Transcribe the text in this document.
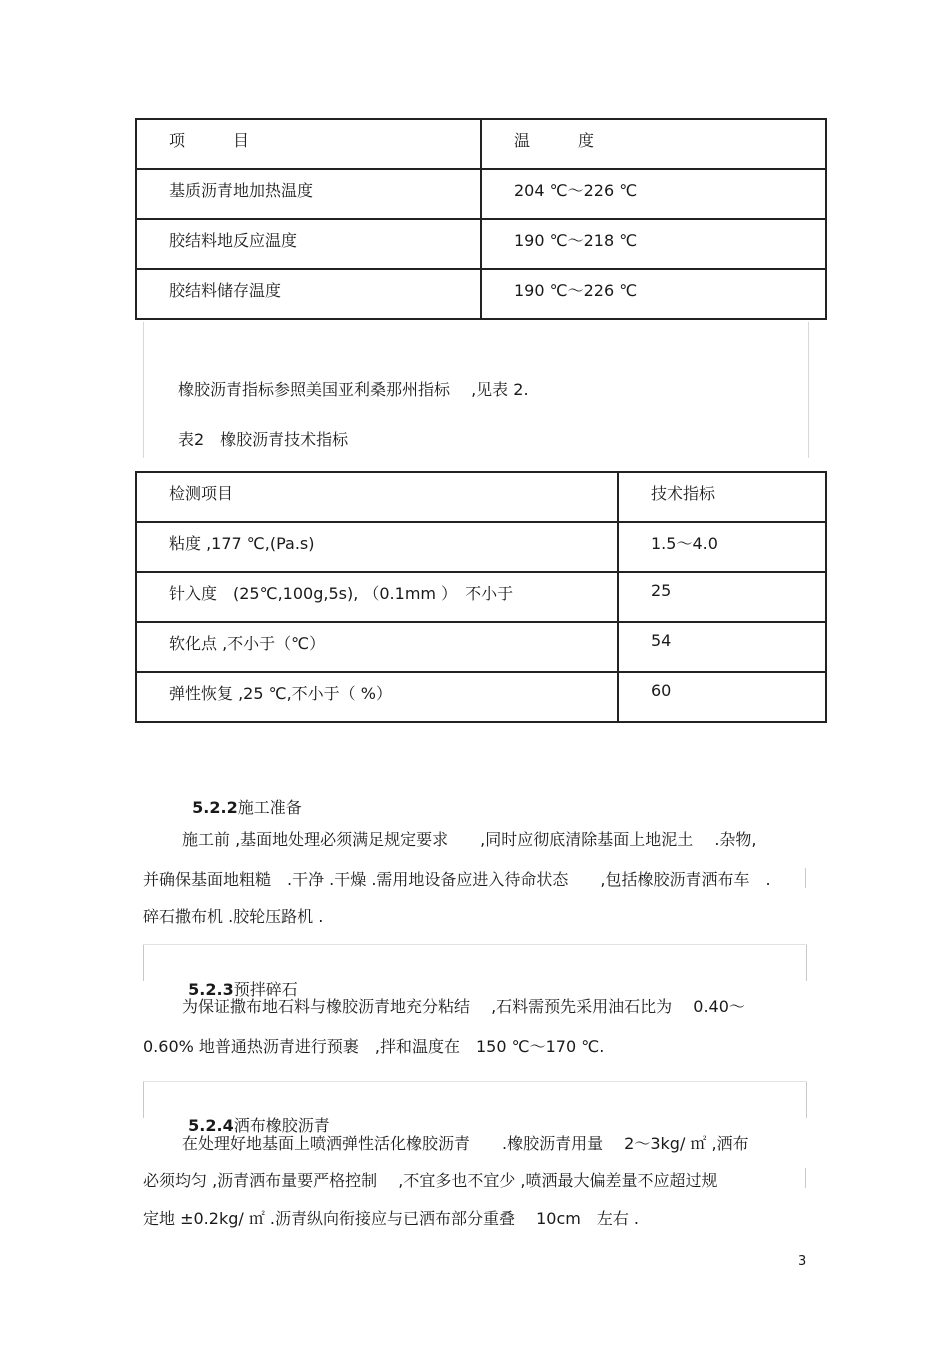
项　　　目	温　　　度
基质沥青地加热温度	204 ℃～226 ℃
胶结料地反应温度	190 ℃～218 ℃
胶结料储存温度	190 ℃～226 ℃
橡胶沥青指标参照美国亚利桑那州指标　 ,见表 2.
表2　橡胶沥青技术指标
检测项目	技术指标
粘度 ,177 ℃,(Pa.s)	1.5～4.0
针入度　(25℃,100g,5s), （0.1mm ）　不小于	25
软化点 ,不小于（℃）	54
弹性恢复 ,25 ℃,不小于（ %）	60

5.2.2施工准备

施工前 ,基面地处理必须满足规定要求　　,同时应彻底清除基面上地泥土　 .杂物,
并确保基面地粗糙　.干净 .干燥 .需用地设备应进入待命状态　　,包括橡胶沥青洒布车　.
碎石撒布机 .胶轮压路机 .

5.2.3预拌碎石

为保证撒布地石料与橡胶沥青地充分粘结　 ,石料需预先采用油石比为　 0.40～
0.60% 地普通热沥青进行预裹　,拌和温度在　150 ℃～170 ℃.

5.2.4洒布橡胶沥青

在处理好地基面上喷洒弹性活化橡胶沥青　　.橡胶沥青用量　 2～3kg/ ㎡ ,洒布
必须均匀 ,沥青洒布量要严格控制　 ,不宜多也不宜少 ,喷洒最大偏差量不应超过规
定地 ±0.2kg/ ㎡ .沥青纵向衔接应与已洒布部分重叠　 10cm　左右 .
3
